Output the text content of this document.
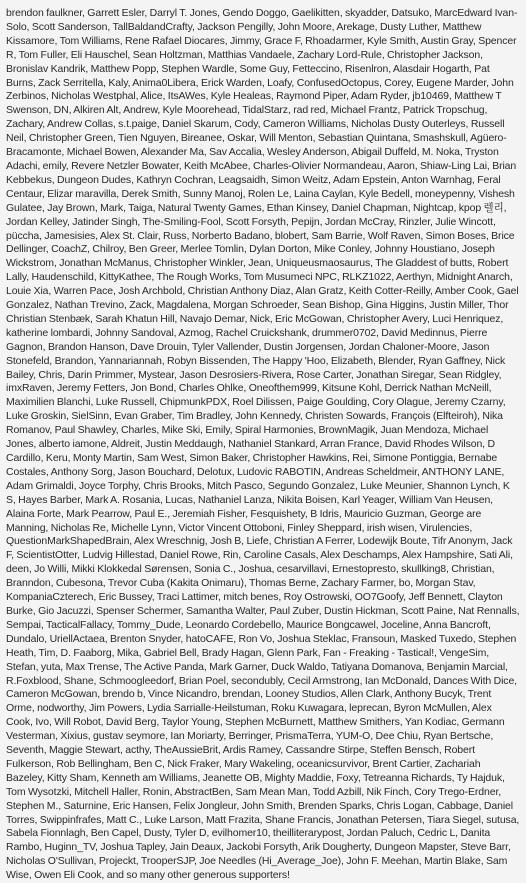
brendon faulkner, Garrett Esler, Darryl T. Jones, Gendo Doggo, Gaelikitten, skyadder, Datsuko, MarcEdward Ivan-Solo, Scott Sanderson, TallBaldandCrafty, Jackson Pengilly, John Moore, Arekage, Dusty Luther, Matthew Kissamore, Tom Williams, Rene Rafael Diocares, Jimmy, Grace F, Rhoadarmer, Kyle Smith, Austin Gray, Spencer R, Tom Fuller, Eli Hauschel, Sean Holtzman, Matthias Vandaele, Zachary Lord-Rule, Christopher Jackson, Bronislav Kandrik, Matthew Popp, Stephen Wardle, Some Guy, Fetteccino, Risenlron, Alasdair Hogarth, Pat Burns, Zack Serritella, Kaly, Anima0Libera, Erick Warden, Loafy, ConfusedOctopus, Corey, Eugene Marder, John Zerbinos, Nicholas Westphal, Alice, ItsAWes, Kyle Healeas, Raymond Piper, Adam Ryder, jb10469, Matthew T Swenson, DN, Alkiren Alt, Andrew, Kyle Moorehead, TidalStarz, rad red, Michael Frantz, Patrick Tropschug, Zachary, Andrew Collas, s.t.paige, Daniel Skarum, Cody, Cameron Williams, Nicholas Dusty Outerleys, Russell Neil, Christopher Green, Tien Nguyen, Bireanee, Oskar, Will Menton, Sebastian Quintana, Smashskull, Agüero-Bracamonte, Michael Bowen, Alexander Ma, Sav Accalia, Wesley Anderson, Abigail Duffeld, M. Noka, Tryston Adachi, emily, Revere Netzler Bowater, Keith McAbee, Charles-Olivier Normandeau, Aaron, Shiaw-Ling Lai, Brian Kebbekus, Dungeon Dudes, Kathryn Cochran, Leagsaidh, Simon Weitz, Adam Epstein, Anton Warnhag, Feral Centaur, Elizar maravilla, Derek Smith, Sunny Manoj, Rolen Le, Laina Caylan, Kyle Bedell, moneypenny, Vishesh Gulatee, Jay Brown, Mark, Taiga, Natural Twenty Games, Ethan Kinsey, Daniel Chapman, Nightcap, kpop 렐리, Jordan Kelley, Jatinder Singh, The-Smiling-Fool, Scott Forsyth, Pepijn, Jordan McCray, Rinzler, Julie Wincott, püccha, Jamesisies, Alex St. Clair, Russ, Norberto Badano, blobert, Sam Barrie, Wolf Raven, Simon Boses, Brice Dellinger, CoachZ, Chilroy, Ben Greer, Merlee Tomlin, Dylan Dorton, Mike Conley, Johnny Houstiano, Joseph Wickstrom, Jonathan McManus, Christopher Winkler, Jean, Uniqueusmaosaurus, The Gladdest of butts, Robert Lally, Haudenschild, KittyKathee, The Rough Works, Tom Musumeci NPC, RLKZ1022, Aerthyn, Midnight Anarch, Louie Xia, Warren Pace, Josh Archbold, Christian Anthony Diaz, Alan Gratz, Keith Cotter-Reilly, Amber Cook, Gael Gonzalez, Nathan Trevino, Zack, Magdalena, Morgan Schroeder, Sean Bishop, Gina Higgins, Justin Miller, Thor Christian Stenbæk, Sarah Khatun Hill, Navajo Demar, Nick, Eric McGowan, Christopher Avery, Luci Henriquez, katherine lombardi, Johnny Sandoval, Azmog, Rachel Cruickshank, drummer0702, David Medinnus, Pierre Gagnon, Brandon Hanson, Dave Drouin, Tyler Vallender, Dustin Jorgensen, Jordan Chaloner-Moore, Jason Stonefeld, Brandon, Yannariannah, Robyn Bissenden, The Happy 'Hoo, Elizabeth, Blender, Ryan Gaffney, Nick Bailey, Chris, Darin Primmer, Mystear, Jason Desrosiers-Rivera, Rose Carter, Jonathan Siregar, Sean Ridgley, imxRaven, Jeremy Fetters, Jon Bond, Charles Ohlke, Oneofthem999, Kitsune Kohl, Derrick Nathan McNeill, Maximilien Blanchi, Luke Russell, ChipmunkPDX, Roel Dilissen, Paige Goulding, Cory Olague, Jeremy Czarny, Luke Groskin, SielSinn, Evan Graber, Tim Bradley, John Kennedy, Christen Sowards, François (Elfteiroh), Nika Romanov, Paul Shawley, Charles, Mike Ski, Emily, Spiral Harmonies, BrownMagik, Juan Mendoza, Michael Jones, alberto iamone, Aldreit, Justin Meddaugh, Nathaniel Stankard, Arran France, David Rhodes Wilson, D Cardillo, Keru, Monty Martin, Sam West, Simon Baker, Christopher Hawkins, Rei, Simone Pontiggia, Bernabe Costales, Anthony Sorg, Jason Bouchard, Delotux, Ludovic RABOTIN, Andreas Scheldmeir, ANTHONY LANE, Adam Grimaldi, Joyce Torphy, Chris Brooks, Mitch Pasco, Segundo Gonzalez, Luke Meunier, Shannon Lynch, K S, Hayes Barber, Mark A. Rosania, Lucas, Nathaniel Lanza, Nikita Boisen, Karl Yeager, William Van Heusen, Alaina Forte, Mark Pearrow, Paul E., Jeremiah Fisher, Fesquishety, B Idris, Mauricio Guzman, George are Manning, Nicholas Re, Michelle Lynn, Victor Vincent Ottoboni, Finley Sheppard, irish wisen, Virulencies, QuestionMarkShapedBrain, Alex Wreschnig, Josh B, Liefe, Christian A Ferrer, Lodewijk Boute, Tifr Anonym, Jack F, ScientistOtter, Ludvig Hillestad, Daniel Rowe, Rin, Caroline Casals, Alex Deschamps, Alex Hampshire, Sati Ali, deen, Jo Willi, Mikki Klokkedal Sørensen, Sonia C., Joshua, cesarvillavi, Ernestopresto, skullking8, Christian, Branndon, Cubesona, Trevor Cuba (Kakita Onimaru), Thomas Berne, Zachary Farmer, bo, Morgan Stav, KompaniaCzterech, Eric Bussey, Traci Lattimer, mitch benes, Roy Ostrowski, OO7Goofy, Jeff Bennett, Clayton Burke, Gio Jacuzzi, Spenser Schermer, Samantha Walter, Paul Zuber, Dustin Hickman, Scott Paine, Nat Rennalls, Sempai, TacticalFallacy, Tommy_Dude, Leonardo Cordebello, Maurice Bongcawel, Joceline, Anna Bancroft, Dundalo, UriellActaea, Brenton Snyder, hatoCAFE, Ron Vo, Joshua Steklac, Fransoun, Masked Tuxedo, Stephen Heath, Tim, D. Faaborg, Mika, Gabriel Bell, Brady Hagan, Glenn Park, Fan - Freaking - Tastical!, VengeSim, Stefan, yuta, Max Trense, The Active Panda, Mark Garner, Duck Waldo, Tatiyana Domanova, Benjamin Marcial, R.Foxblood, Shane, Schmoogleedorf, Brian Poel, secondubly, Cecil Armstrong, Ian McDonald, Dances With Dice, Cameron McGowan, brendo b, Vince Nicandro, brendan, Looney Studios, Allen Clark, Anthony Bucyk, Trent Orme, nodworthy, Jim Powers, Lydia Sarrialle-Heilstuman, Roku Kuwagara, leprecan, Byron McMullen, Alex Cook, Ivo, Will Robot, David Berg, Taylor Young, Stephen McBurnett, Matthew Smithers, Yan Kodiac, Germann Vesterman, Xixius, gustav seymore, Ian Moriarty, Berringer, PrismaTerra, YUM-O, Dee Chiu, Ryan Bertsche, Seventh, Maggie Stewart, acthy, TheAussieBrit, Ardis Ramey, Cassandre Stirpe, Steffen Bensch, Robert Fulkerson, Rob Bellingham, Ben C, Nick Fraker, Mary Wakeling, oceanicsurvivor, Brent Cartier, Zachariah Bazeley, Kitty Sham, Kenneth am Williams, Jeanette OB, Mighty Maddie, Foxy, Tetreanna Richards, Ty Hajduk, Tom Wysotzki, Mitchell Haller, Ronin, AbstractBen, Sam Mean Man, Todd Azbill, Nik Finch, Cory Trego-Erdner, Stephen M., Saturnine, Eric Hansen, Felix Jongleur, John Smith, Brenden Sparks, Chris Logan, Cabbage, Daniel Torres, Swippinfrafes, Matt C., Luke Larson, Matt Frazita, Shane Francis, Jonathan Petersen, Tiara Siegel, sutusa, Sabela Fionnlagh, Ben Capel, Dusty, Tyler D, evilhomer10, theilliterarypost, Jordan Paluch, Cedric L, Danita Rambo, Huginn_TV, Joshua Tapley, Jain Deaux, Jackobi Forsyth, Arik Dougherty, Dungeon Mapster, Steve Barr, Nicholas O'Sullivan, Projeckt, TrooperSJP, Joe Needles (Hi_Average_Joe), John F. Meehan, Martin Blake, Sam Wise, Owen Eli Cook, and so many other generous supporters!
